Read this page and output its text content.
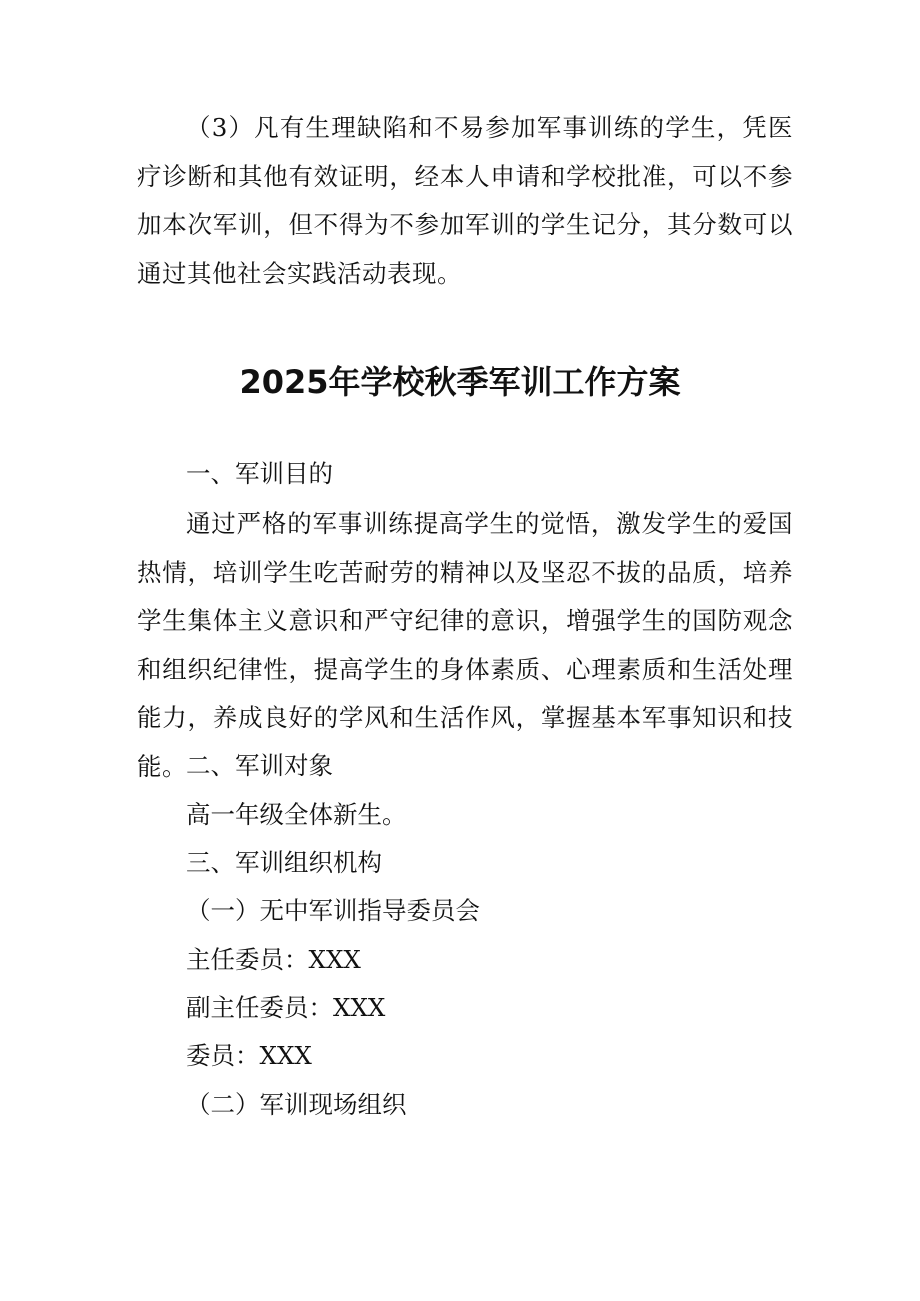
（3）凡有生理缺陷和不易参加军事训练的学生，凭医疗诊断和其他有效证明，经本人申请和学校批准，可以不参加本次军训，但不得为不参加军训的学生记分，其分数可以通过其他社会实践活动表现。

2025年学校秋季军训工作方案

一、军训目的

通过严格的军事训练提高学生的觉悟，激发学生的爱国热情，培训学生吃苦耐劳的精神以及坚忍不拔的品质，培养学生集体主义意识和严守纪律的意识，增强学生的国防观念和组织纪律性，提高学生的身体素质、心理素质和生活处理能力，养成良好的学风和生活作风，掌握基本军事知识和技能。 二、军训对象

高一年级全体新生。

三、军训组织机构

（一）无中军训指导委员会

主任委员：XXX

副主任委员：XXX

委员：XXX

（二）军训现场组织
